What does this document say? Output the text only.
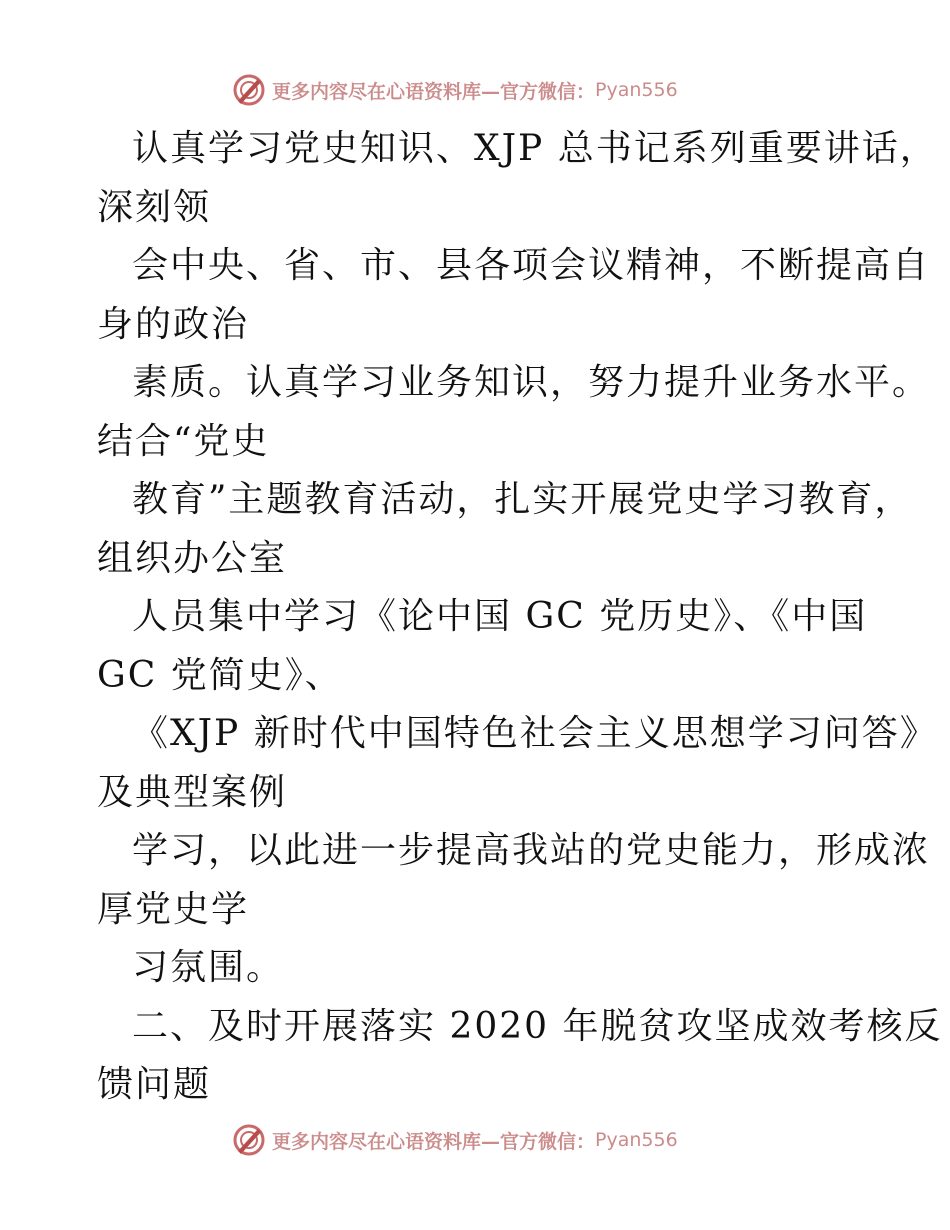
更多内容尽在心语资料库—官方微信： Pyan556
认真学习党史知识、XJP 总书记系列重要讲话，
深刻领
会中央、省、市、县各项会议精神，不断提高自
身的政治
素质。认真学习业务知识，努力提升业务水平。
结合“党史
教育”主题教育活动，扎实开展党史学习教育，
组织办公室
人员集中学习《论中国 GC 党历史》、《中国
GC 党简史》、
《XJP 新时代中国特色社会主义思想学习问答》
及典型案例
学习，以此进一步提高我站的党史能力，形成浓
厚党史学
习氛围。
二、及时开展落实 2020 年脱贫攻坚成效考核反
馈问题
更多内容尽在心语资料库—官方微信： Pyan556
